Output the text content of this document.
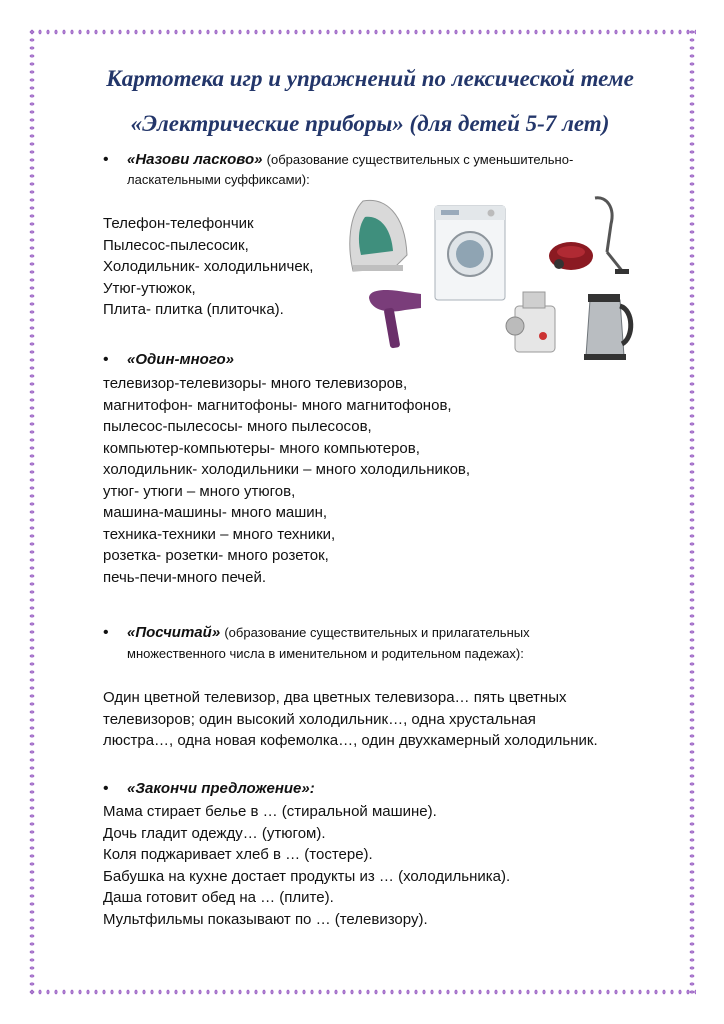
Картотека игр и упражнений по лексической теме
«Электрические приборы» (для детей 5-7 лет)
• «Назови ласково» (образование существительных с уменьшительно-
ласкательными суффиксами):
Телефон-телефончик
Пылесос-пылесосик,
Холодильник- холодильничек,
Утюг-утюжок,
Плита- плитка (плиточка).
• «Один-много»
телевизор-телевизоры- много телевизоров,
магнитофон- магнитофоны- много магнитофонов,
пылесос-пылесосы- много пылесосов,
компьютер-компьютеры- много компьютеров,
холодильник- холодильники – много холодильников,
утюг- утюги – много утюгов,
машина-машины- много машин,
техника-техники – много техники,
розетка- розетки- много розеток,
печь-печи-много печей.
• «Посчитай» (образование существительных и прилагательных
множественного числа в именительном и родительном падежах):
Один цветной телевизор, два цветных телевизора… пять цветных
телевизоров; один высокий холодильник…, одна хрустальная
люстра…, одна новая кофемолка…, один двухкамерный холодильник.
• «Закончи предложение»:
Мама стирает белье в … (стиральной машине).
Дочь гладит одежду… (утюгом).
Коля поджаривает хлеб в … (тостере).
Бабушка на кухне достает продукты из … (холодильника).
Даша готовит обед на … (плите).
Мультфильмы показывают по … (телевизору).
